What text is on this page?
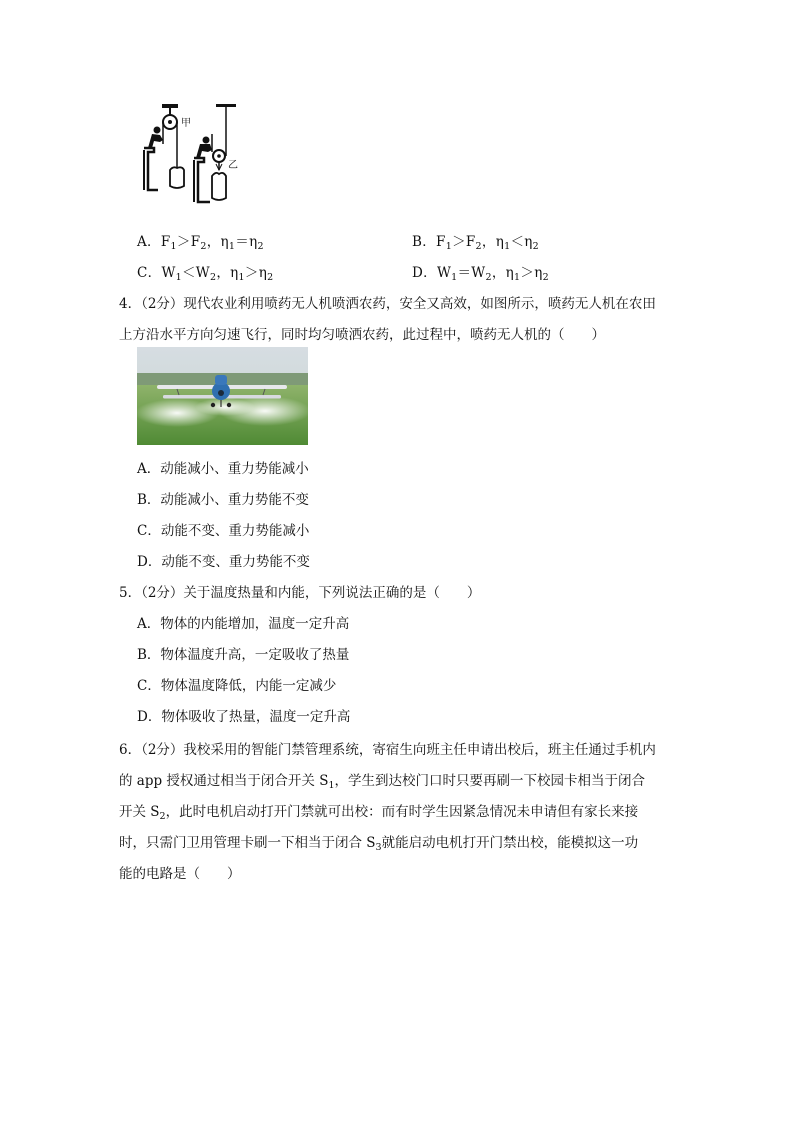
甲
乙
A．$F_1>F_2$，$\eta_1=\eta_2$	B．$F_1>F_2$，$\eta_1<\eta_2$
C．$W_1<W_2$，$\eta_1>\eta_2$	D．$W_1=W_2$，$\eta_1>\eta_2$
4．（2分）现代农业利用喷药无人机喷洒农药，安全又高效，如图所示，喷药无人机在农田
上方沿水平方向匀速飞行，同时均匀喷洒农药，此过程中，喷药无人机的（　　）
A．动能减小、重力势能减小
B．动能减小、重力势能不变
C．动能不变、重力势能减小
D．动能不变、重力势能不变
5．（2分）关于温度热量和内能，下列说法正确的是（　　）
A．物体的内能增加，温度一定升高
B．物体温度升高，一定吸收了热量
C．物体温度降低，内能一定减少
D．物体吸收了热量，温度一定升高
6．（2分）我校采用的智能门禁管理系统，寄宿生向班主任申请出校后，班主任通过手机内
的 app 授权通过相当于闭合开关 $S_1$，学生到达校门口时只要再刷一下校园卡相当于闭合
开关 $S_2$，此时电机启动打开门禁就可出校：而有时学生因紧急情况未申请但有家长来接
时，只需门卫用管理卡刷一下相当于闭合 $S_3$就能启动电机打开门禁出校，能模拟这一功
能的电路是（　　）
